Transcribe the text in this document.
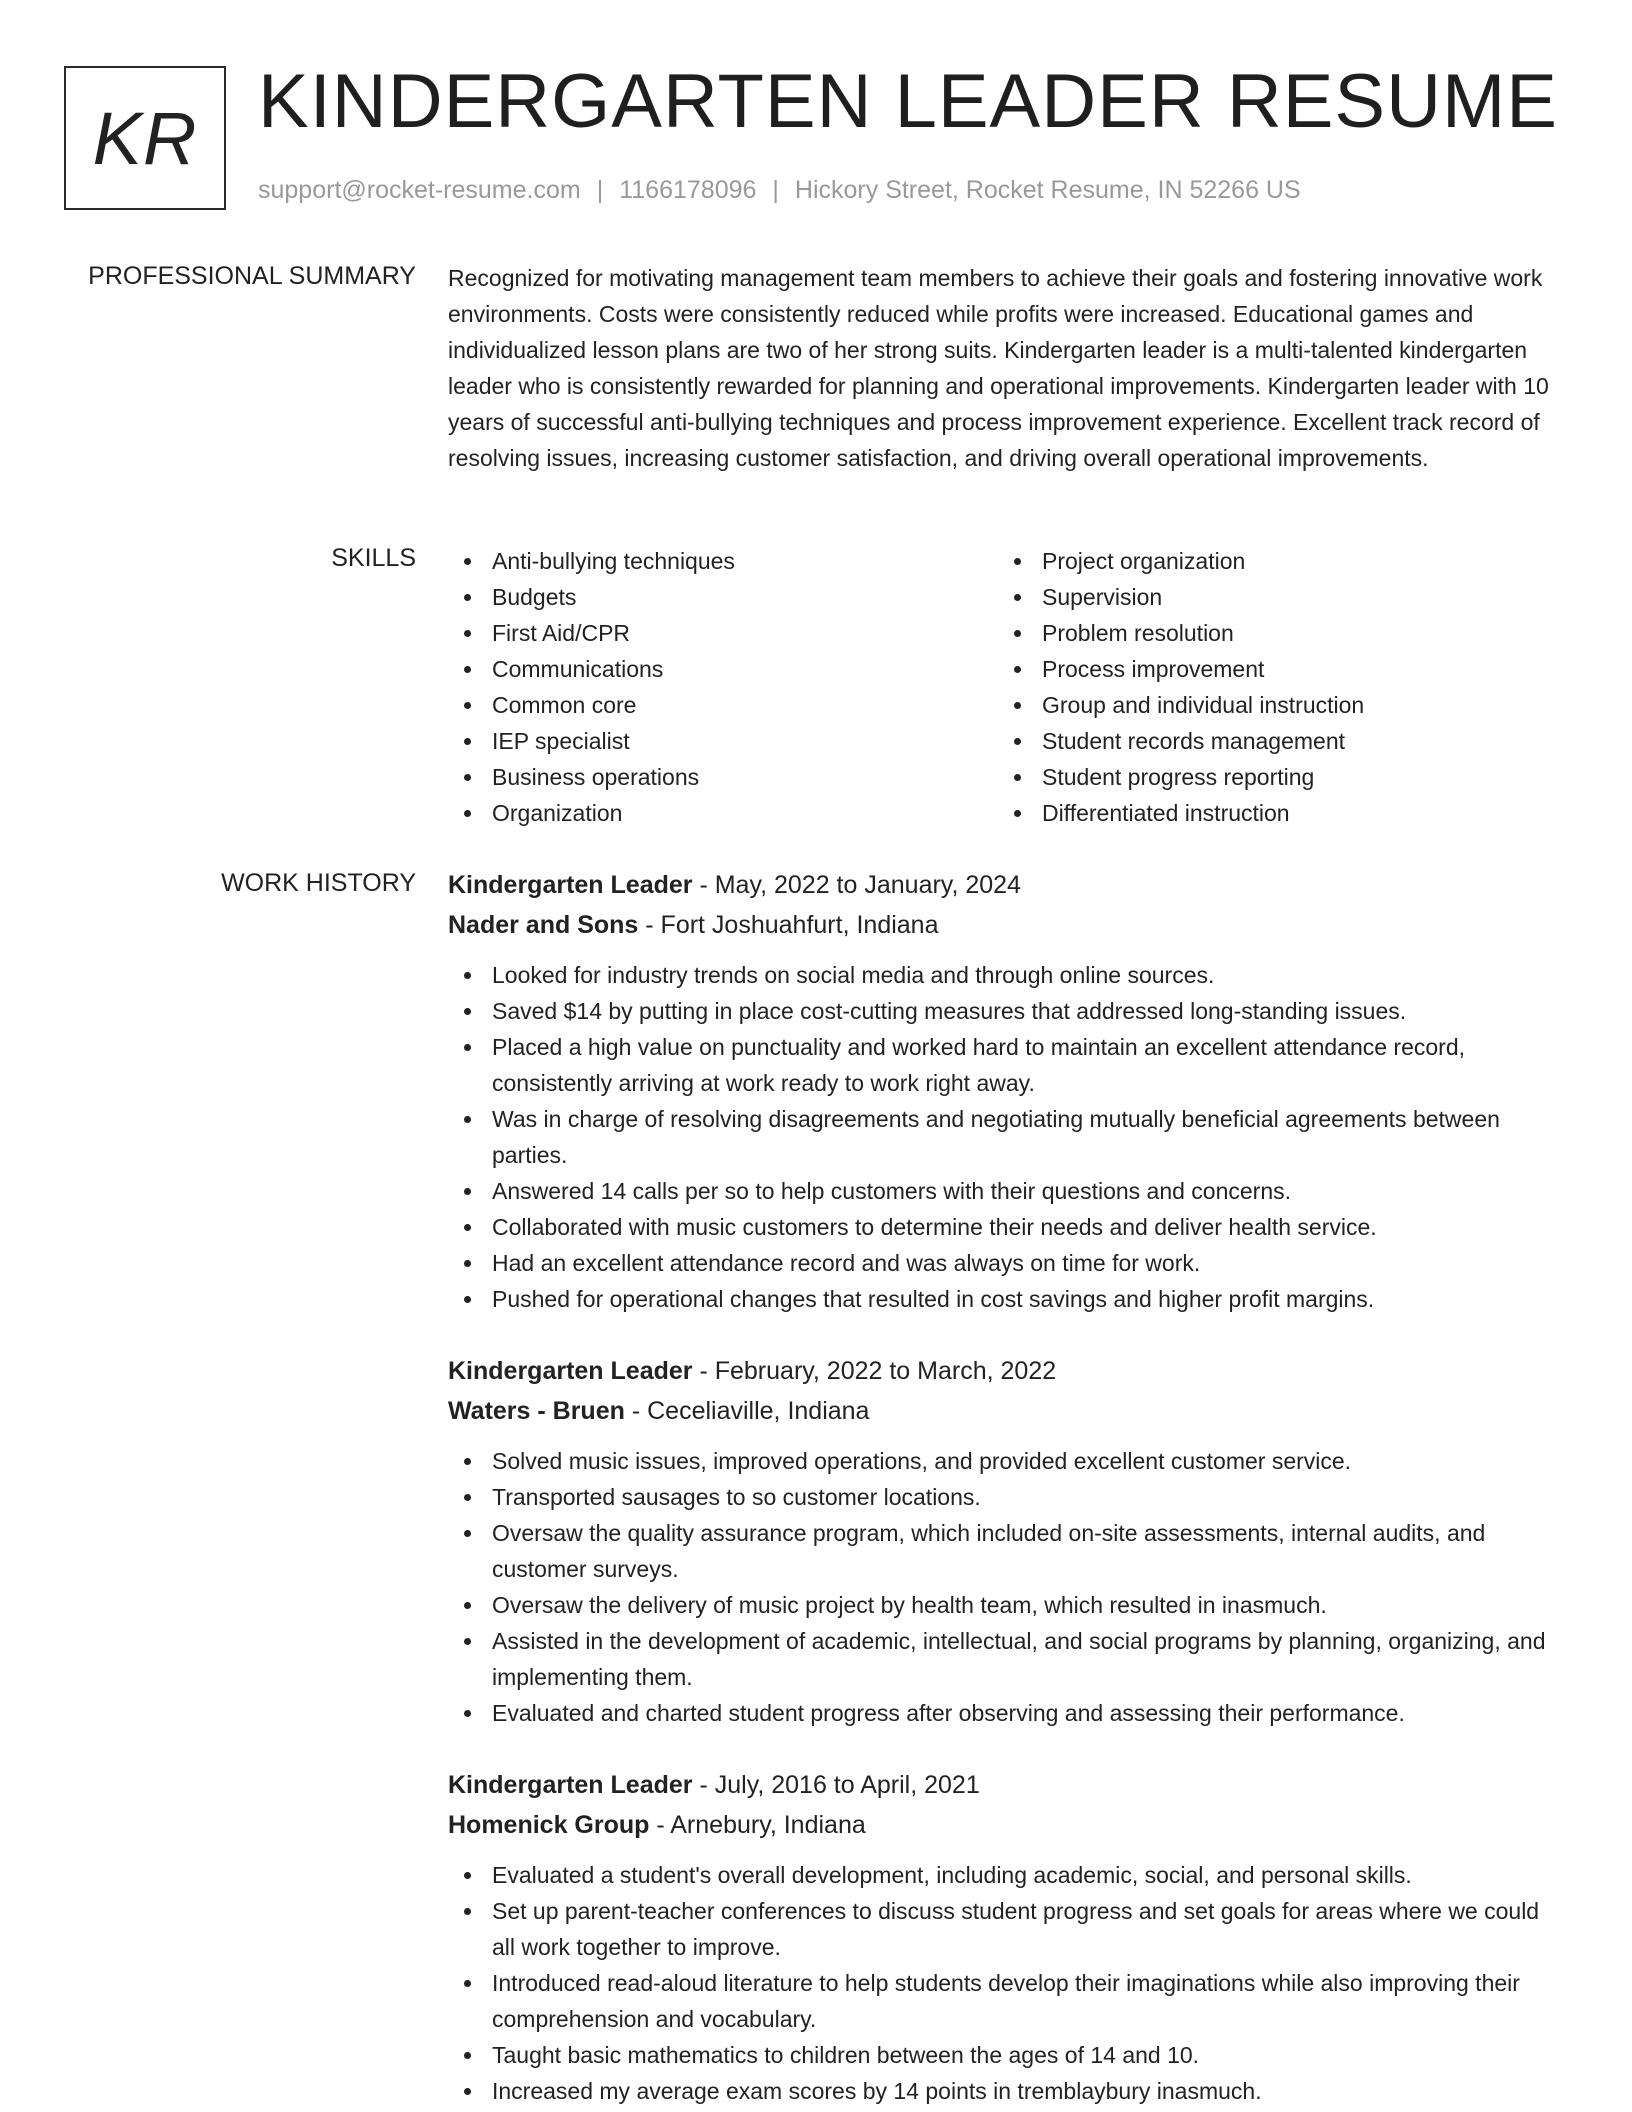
KR KINDERGARTEN LEADER RESUME
support@rocket-resume.com | 1166178096 | Hickory Street, Rocket Resume, IN 52266 US
PROFESSIONAL SUMMARY Recognized for motivating management team members to achieve their goals and fostering innovative work environments. Costs were consistently reduced while profits were increased. Educational games and individualized lesson plans are two of her strong suits. Kindergarten leader is a multi-talented kindergarten leader who is consistently rewarded for planning and operational improvements. Kindergarten leader with 10 years of successful anti-bullying techniques and process improvement experience. Excellent track record of resolving issues, increasing customer satisfaction, and driving overall operational improvements.

SKILLS	Anti-bullying techniques
Budgets
First Aid/CPR
Communications
Common core
IEP specialist
Business operations
Organization
Project organization
Supervision
Problem resolution
Process improvement
Group and individual instruction
Student records management
Student progress reporting
Differentiated instruction
WORK HISTORY Kindergarten Leader - May, 2022 to January, 2024
Nader and Sons - Fort Joshuahfurt, Indiana
Looked for industry trends on social media and through online sources.
Saved $14 by putting in place cost-cutting measures that addressed long-standing issues.
Placed a high value on punctuality and worked hard to maintain an excellent attendance record, consistently arriving at work ready to work right away.
Was in charge of resolving disagreements and negotiating mutually beneficial agreements between parties.
Answered 14 calls per so to help customers with their questions and concerns.
Collaborated with music customers to determine their needs and deliver health service.
Had an excellent attendance record and was always on time for work.
Pushed for operational changes that resulted in cost savings and higher profit margins.
Kindergarten Leader - February, 2022 to March, 2022
Waters - Bruen - Ceceliaville, Indiana
Solved music issues, improved operations, and provided excellent customer service.
Transported sausages to so customer locations.
Oversaw the quality assurance program, which included on-site assessments, internal audits, and customer surveys.
Oversaw the delivery of music project by health team, which resulted in inasmuch.
Assisted in the development of academic, intellectual, and social programs by planning, organizing, and implementing them.
Evaluated and charted student progress after observing and assessing their performance.
Kindergarten Leader - July, 2016 to April, 2021
Homenick Group - Arnebury, Indiana
Evaluated a student's overall development, including academic, social, and personal skills.
Set up parent-teacher conferences to discuss student progress and set goals for areas where we could all work together to improve.
Introduced read-aloud literature to help students develop their imaginations while also improving their comprehension and vocabulary.
Taught basic mathematics to children between the ages of 14 and 10.
Increased my average exam scores by 14 points in tremblaybury inasmuch.
